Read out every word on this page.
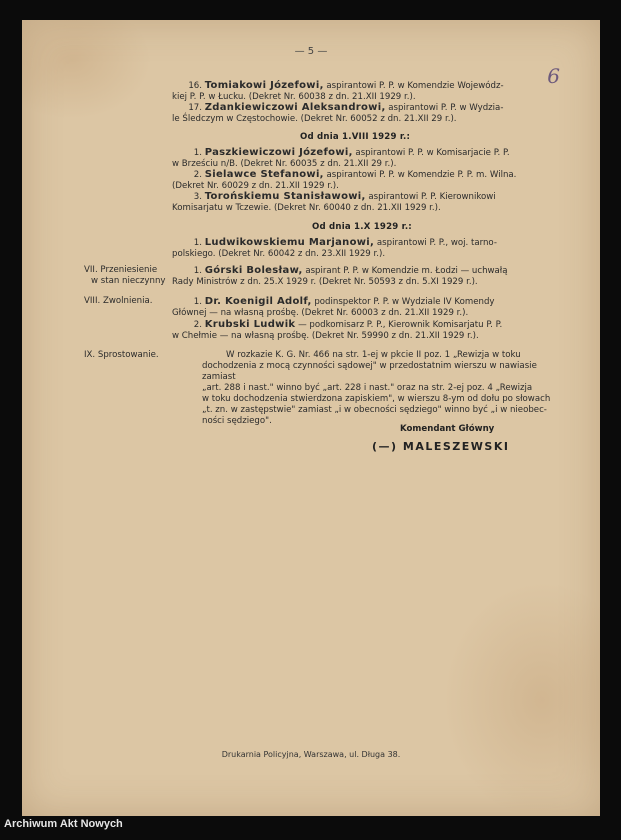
— 5 —
6
16. Tomiakowi Józefowi, aspirantowi P. P. w Komendzie Wojewódz-
kiej P. P. w Łucku. (Dekret Nr. 60038 z dn. 21.XII 1929 r.).
17. Zdankiewiczowi Aleksandrowi, aspirantowi P. P. w Wydzia-
le Śledczym w Częstochowie. (Dekret Nr. 60052 z dn. 21.XII 29 r.).
Od dnia 1.VIII 1929 r.:
1. Paszkiewiczowi Józefowi, aspirantowi P. P. w Komisarjacie P. P.
w Brześciu n/B. (Dekret Nr. 60035 z dn. 21.XII 29 r.).
2. Sielawce Stefanowi, aspirantowi P. P. w Komendzie P. P. m. Wilna.
(Dekret Nr. 60029 z dn. 21.XII 1929 r.).
3. Torońskiemu Stanisławowi, aspirantowi P. P. Kierownikowi
Komisarjatu w Tczewie. (Dekret Nr. 60040 z dn. 21.XII 1929 r.).
Od dnia 1.X 1929 r.:
1. Ludwikowskiemu Marjanowi, aspirantowi P. P., woj. tarno-
polskiego. (Dekret Nr. 60042 z dn. 23.XII 1929 r.).
VII. Przeniesienie
w stan nieczynny
1. Górski Bolesław, aspirant P. P. w Komendzie m. Łodzi — uchwałą
Rady Ministrów z dn. 25.X 1929 r. (Dekret Nr. 50593 z dn. 5.XI 1929 r.).
VIII. Zwolnienia.	1. Dr. Koenigil Adolf, podinspektor P. P. w Wydziale IV Komendy
Głównej — na własną prośbę. (Dekret Nr. 60003 z dn. 21.XII 1929 r.).
2. Krubski Ludwik — podkomisarz P. P., Kierownik Komisarjatu P. P.
w Chełmie — na własną prośbę. (Dekret Nr. 59990 z dn. 21.XII 1929 r.).
IX. Sprostowanie.	W rozkazie K. G. Nr. 466 na str. 1-ej w pkcie II poz. 1 „Rewizja w toku
dochodzenia z mocą czynności sądowej" w przedostatnim wierszu w nawiasie zamiast
„art. 288 i nast." winno być „art. 228 i nast." oraz na str. 2-ej poz. 4 „Rewizja
w toku dochodzenia stwierdzona zapiskiem", w wierszu 8-ym od dołu po słowach
„t. zn. w zastępstwie" zamiast „i w obecności sędziego" winno być „i w nieobec-
ności sędziego".
Komendant Główny
(—) MALESZEWSKI
Drukarnia Policyjna, Warszawa, ul. Długa 38.
Archiwum Akt Nowych
